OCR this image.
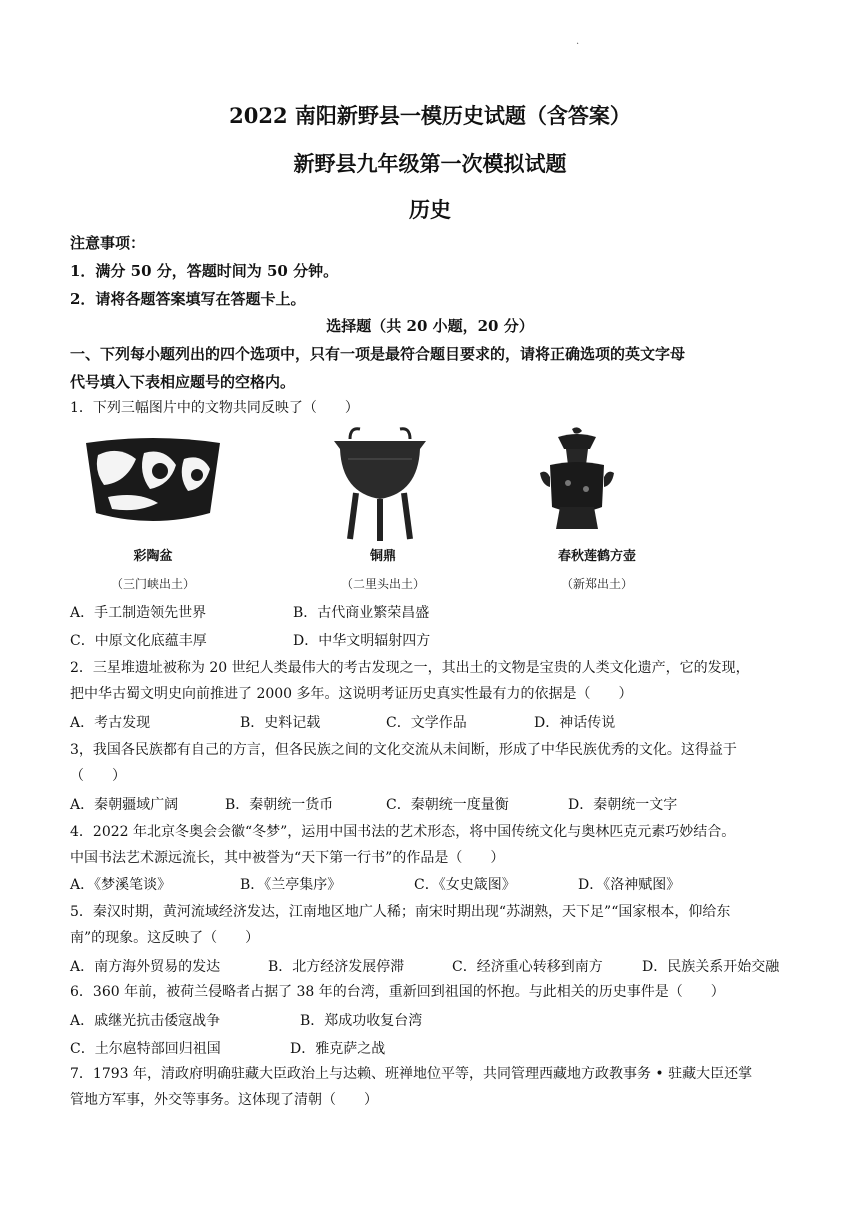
.
2022 南阳新野县一模历史试题（含答案）
新野县九年级第一次模拟试题
历史
注意事项：
1．满分 50 分，答题时间为 50 分钟。
2．请将各题答案填写在答题卡上。
选择题（共 20 小题，20 分）
一、下列每小题列出的四个选项中，只有一项是最符合题目要求的，请将正确选项的英文字母
代号填入下表相应题号的空格内。
1．下列三幅图片中的文物共同反映了（　　）
彩陶盆
（三门峡出土）
铜鼎
（二里头出土）
春秋莲鹤方壶
（新郑出土）
A．手工制造领先世界	B．古代商业繁荣昌盛
C．中原文化底蕴丰厚	D．中华文明辐射四方
2．三星堆遗址被称为 20 世纪人类最伟大的考古发现之一，其出土的文物是宝贵的人类文化遗产，它的发现，
把中华古蜀文明史向前推进了 2000 多年。这说明考证历史真实性最有力的依据是（　　）
A．考古发现	B．史料记载	C．文学作品	D．神话传说
3，我国各民族都有自己的方言，但各民族之间的文化交流从未间断，形成了中华民族优秀的文化。这得益于
（　　）
A．秦朝疆域广阔	B．秦朝统一货币	C．秦朝统一度量衡	D．秦朝统一文字
4．2022 年北京冬奥会会徽“冬梦”，运用中国书法的艺术形态，将中国传统文化与奥林匹克元素巧妙结合。
中国书法艺术源远流长，其中被誉为“天下第一行书”的作品是（　　）
A．《梦溪笔谈》	B．《兰亭集序》	C．《女史箴图》	D．《洛神赋图》
5．秦汉时期，黄河流域经济发达，江南地区地广人稀；南宋时期出现“苏湖熟，天下足”“国家根本，仰给东
南”的现象。这反映了（　　）
A．南方海外贸易的发达	B．北方经济发展停滞	C．经济重心转移到南方	D．民族关系开始交融
6．360 年前，被荷兰侵略者占据了 38 年的台湾，重新回到祖国的怀抱。与此相关的历史事件是（　　）
A．戚继光抗击倭寇战争	B．郑成功收复台湾
C．土尔扈特部回归祖国	D．雅克萨之战
7．1793 年，清政府明确驻藏大臣政治上与达赖、班禅地位平等，共同管理西藏地方政教事务 • 驻藏大臣还掌
管地方军事，外交等事务。这体现了清朝（　　）
